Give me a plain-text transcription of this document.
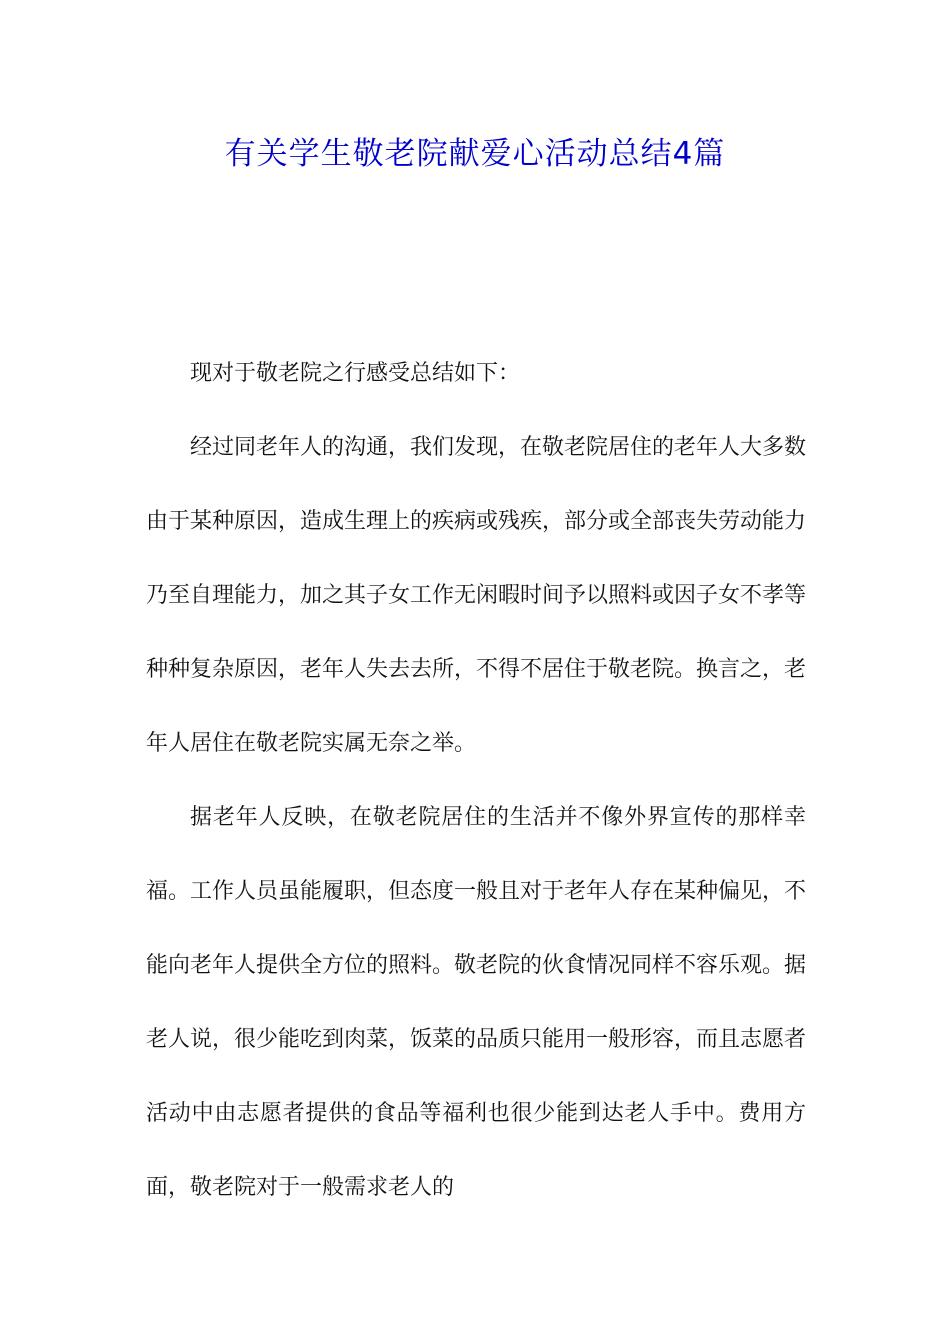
有关学生敬老院献爱心活动总结4篇

现对于敬老院之行感受总结如下：

经过同老年人的沟通，我们发现，在敬老院居住的老年人大多数由于某种原因，造成生理上的疾病或残疾，部分或全部丧失劳动能力乃至自理能力，加之其子女工作无闲暇时间予以照料或因子女不孝等种种复杂原因，老年人失去去所，不得不居住于敬老院。换言之，老年人居住在敬老院实属无奈之举。

据老年人反映，在敬老院居住的生活并不像外界宣传的那样幸福。工作人员虽能履职，但态度一般且对于老年人存在某种偏见，不能向老年人提供全方位的照料。敬老院的伙食情况同样不容乐观。据老人说，很少能吃到肉菜，饭菜的品质只能用一般形容，而且志愿者活动中由志愿者提供的食品等福利也很少能到达老人手中。费用方面，敬老院对于一般需求老人的
